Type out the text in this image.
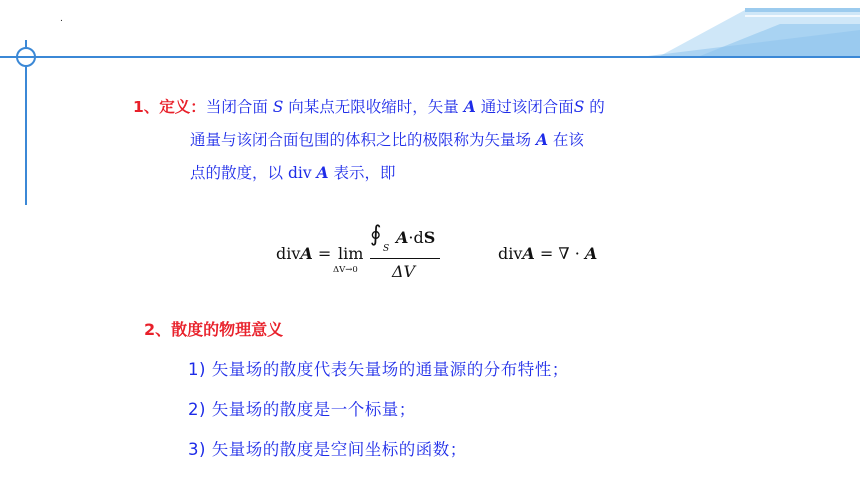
.
1、定义：当闭合面 S 向某点无限收缩时，矢量 A 通过该闭合面S 的
通量与该闭合面包围的体积之比的极限称为矢量场 A 在该
点的散度，以 div A 表示，即
divA = lim
ΔV→0
∮
S
A·dS
ΔV
divA = ∇ · A
2、散度的物理意义
1) 矢量场的散度代表矢量场的通量源的分布特性；
2) 矢量场的散度是一个标量；
3) 矢量场的散度是空间坐标的函数；
